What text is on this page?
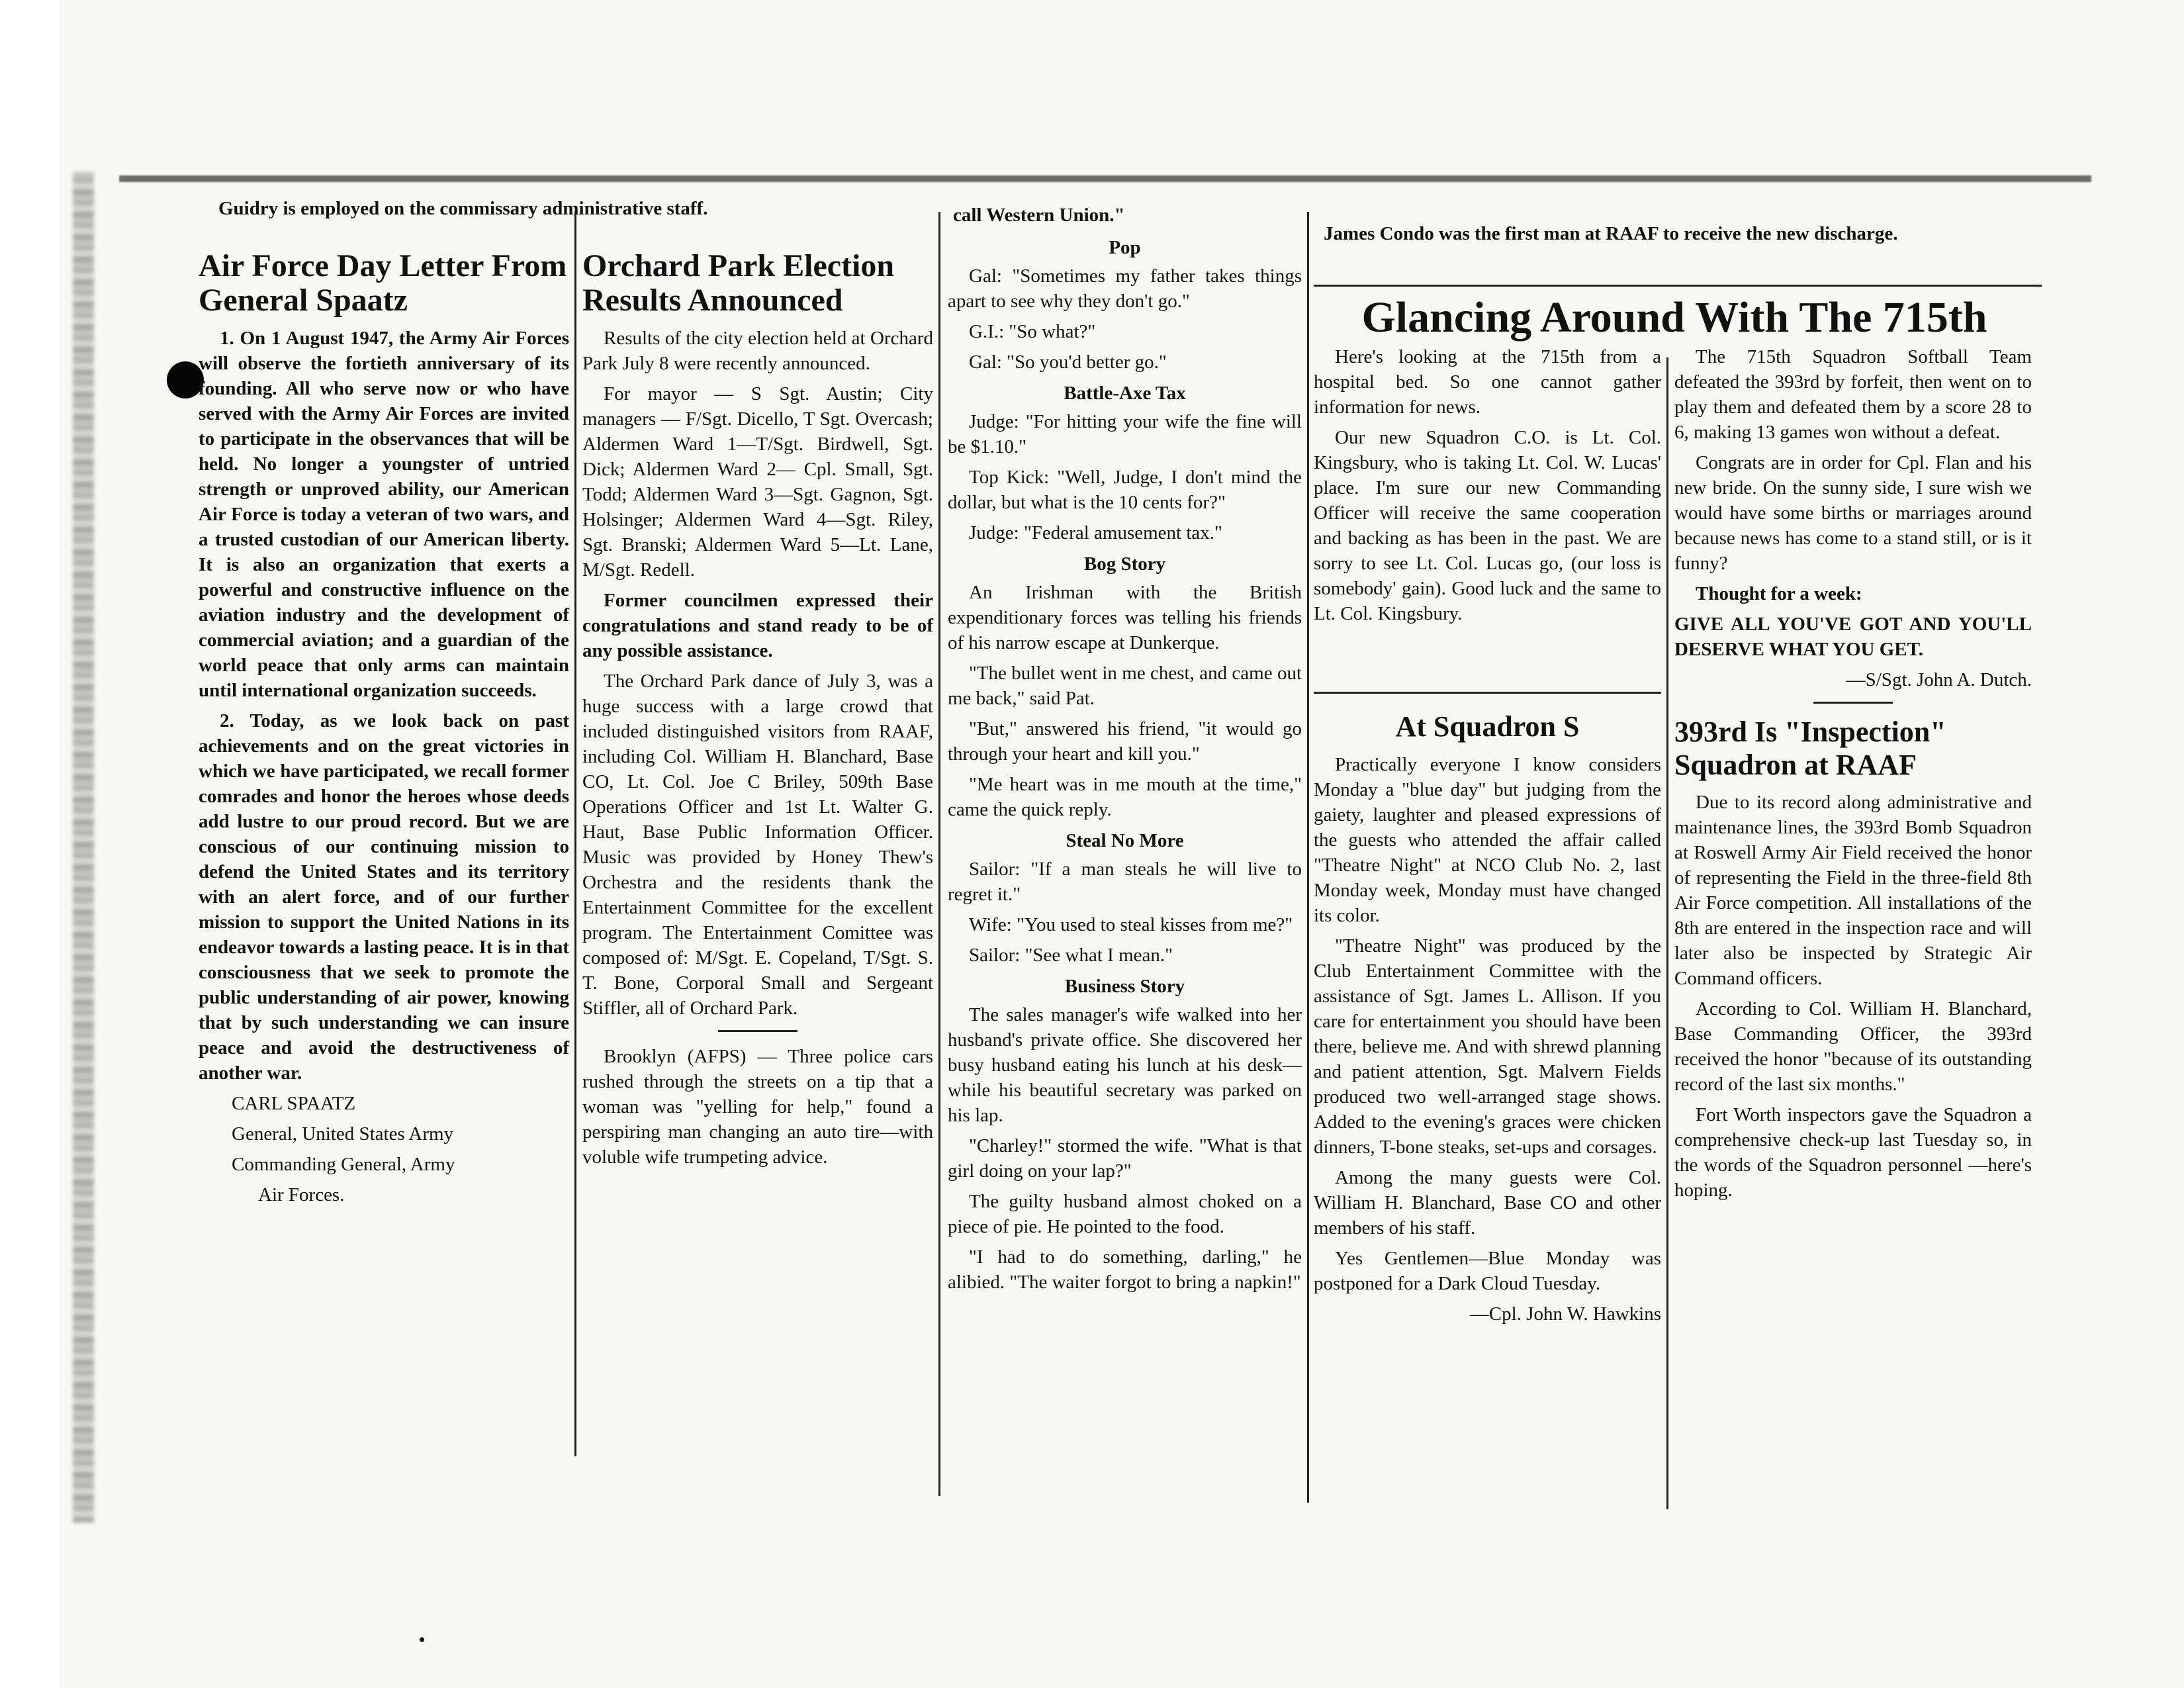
.
Guidry is employed on the commissary administrative staff.	call Western Union."
James Condo was the first man at RAAF to receive the new discharge.
Air Force Day Letter From General Spaatz

1. On 1 August 1947, the Army Air Forces will observe the fortieth anniversary of its founding. All who serve now or who have served with the Army Air Forces are invited to participate in the observances that will be held. No longer a youngster of untried strength or unproved ability, our American Air Force is today a veteran of two wars, and a trusted custodian of our American liberty. It is also an organization that exerts a powerful and constructive influence on the aviation industry and the development of commercial aviation; and a guardian of the world peace that only arms can maintain until international organization succeeds.

2. Today, as we look back on past achievements and on the great victories in which we have participated, we recall former comrades and honor the heroes whose deeds add lustre to our proud record. But we are conscious of our continuing mission to defend the United States and its territory with an alert force, and of our further mission to support the United Nations in its endeavor towards a lasting peace. It is in that consciousness that we seek to promote the public understanding of air power, knowing that by such understanding we can insure peace and avoid the destructiveness of another war.

CARL SPAATZ

General, United States Army

Commanding General, Army

Air Forces.

Orchard Park Election Results Announced

Results of the city election held at Orchard Park July 8 were recently announced.

For mayor — S Sgt. Austin; City managers — F/Sgt. Dicello, T Sgt. Overcash; Aldermen Ward 1—T/Sgt. Birdwell, Sgt. Dick; Aldermen Ward 2— Cpl. Small, Sgt. Todd; Aldermen Ward 3—Sgt. Gagnon, Sgt. Holsinger; Aldermen Ward 4—Sgt. Riley, Sgt. Branski; Aldermen Ward 5—Lt. Lane, M/Sgt. Redell.

Former councilmen expressed their congratulations and stand ready to be of any possible assistance.

The Orchard Park dance of July 3, was a huge success with a large crowd that included distinguished visitors from RAAF, including Col. William H. Blanchard, Base CO, Lt. Col. Joe C Briley, 509th Base Operations Officer and 1st Lt. Walter G. Haut, Base Public Information Officer. Music was provided by Honey Thew's Orchestra and the residents thank the Entertainment Committee for the excellent program. The Entertainment Comittee was composed of: M/Sgt. E. Copeland, T/Sgt. S. T. Bone, Corporal Small and Sergeant Stiffler, all of Orchard Park.

Brooklyn (AFPS) — Three police cars rushed through the streets on a tip that a woman was "yelling for help," found a perspiring man changing an auto tire—with voluble wife trumpeting advice.

Pop

Gal: "Sometimes my father takes things apart to see why they don't go."

G.I.: "So what?"

Gal: "So you'd better go."

Battle-Axe Tax

Judge: "For hitting your wife the fine will be $1.10."

Top Kick: "Well, Judge, I don't mind the dollar, but what is the 10 cents for?"

Judge: "Federal amusement tax."

Bog Story

An Irishman with the British expenditionary forces was telling his friends of his narrow escape at Dunkerque.

"The bullet went in me chest, and came out me back," said Pat.

"But," answered his friend, "it would go through your heart and kill you."

"Me heart was in me mouth at the time," came the quick reply.

Steal No More

Sailor: "If a man steals he will live to regret it."

Wife: "You used to steal kisses from me?"

Sailor: "See what I mean."

Business Story

The sales manager's wife walked into her husband's private office. She discovered her busy husband eating his lunch at his desk—while his beautiful secretary was parked on his lap.

"Charley!" stormed the wife. "What is that girl doing on your lap?"

The guilty husband almost choked on a piece of pie. He pointed to the food.

"I had to do something, darling," he alibied. "The waiter forgot to bring a napkin!"

Glancing Around With The 715th

Here's looking at the 715th from a hospital bed. So one cannot gather information for news.

Our new Squadron C.O. is Lt. Col. Kingsbury, who is taking Lt. Col. W. Lucas' place. I'm sure our new Commanding Officer will receive the same cooperation and backing as has been in the past. We are sorry to see Lt. Col. Lucas go, (our loss is somebody' gain). Good luck and the same to Lt. Col. Kingsbury.

At Squadron S

Practically everyone I know considers Monday a "blue day" but judging from the gaiety, laughter and pleased expressions of the guests who attended the affair called "Theatre Night" at NCO Club No. 2, last Monday week, Monday must have changed its color.

"Theatre Night" was produced by the Club Entertainment Committee with the assistance of Sgt. James L. Allison. If you care for entertainment you should have been there, believe me. And with shrewd planning and patient attention, Sgt. Malvern Fields produced two well-arranged stage shows. Added to the evening's graces were chicken dinners, T-bone steaks, set-ups and corsages.

Among the many guests were Col. William H. Blanchard, Base CO and other members of his staff.

Yes Gentlemen—Blue Monday was postponed for a Dark Cloud Tuesday.

—Cpl. John W. Hawkins

The 715th Squadron Softball Team defeated the 393rd by forfeit, then went on to play them and defeated them by a score 28 to 6, making 13 games won without a defeat.

Congrats are in order for Cpl. Flan and his new bride. On the sunny side, I sure wish we would have some births or marriages around because news has come to a stand still, or is it funny?

Thought for a week:

GIVE ALL YOU'VE GOT AND YOU'LL DESERVE WHAT YOU GET.

—S/Sgt. John A. Dutch.

393rd Is "Inspection" Squadron at RAAF

Due to its record along administrative and maintenance lines, the 393rd Bomb Squadron at Roswell Army Air Field received the honor of representing the Field in the three-field 8th Air Force competition. All installations of the 8th are entered in the inspection race and will later also be inspected by Strategic Air Command officers.

According to Col. William H. Blanchard, Base Commanding Officer, the 393rd received the honor "because of its outstanding record of the last six months."

Fort Worth inspectors gave the Squadron a comprehensive check-up last Tuesday so, in the words of the Squadron personnel —here's hoping.
